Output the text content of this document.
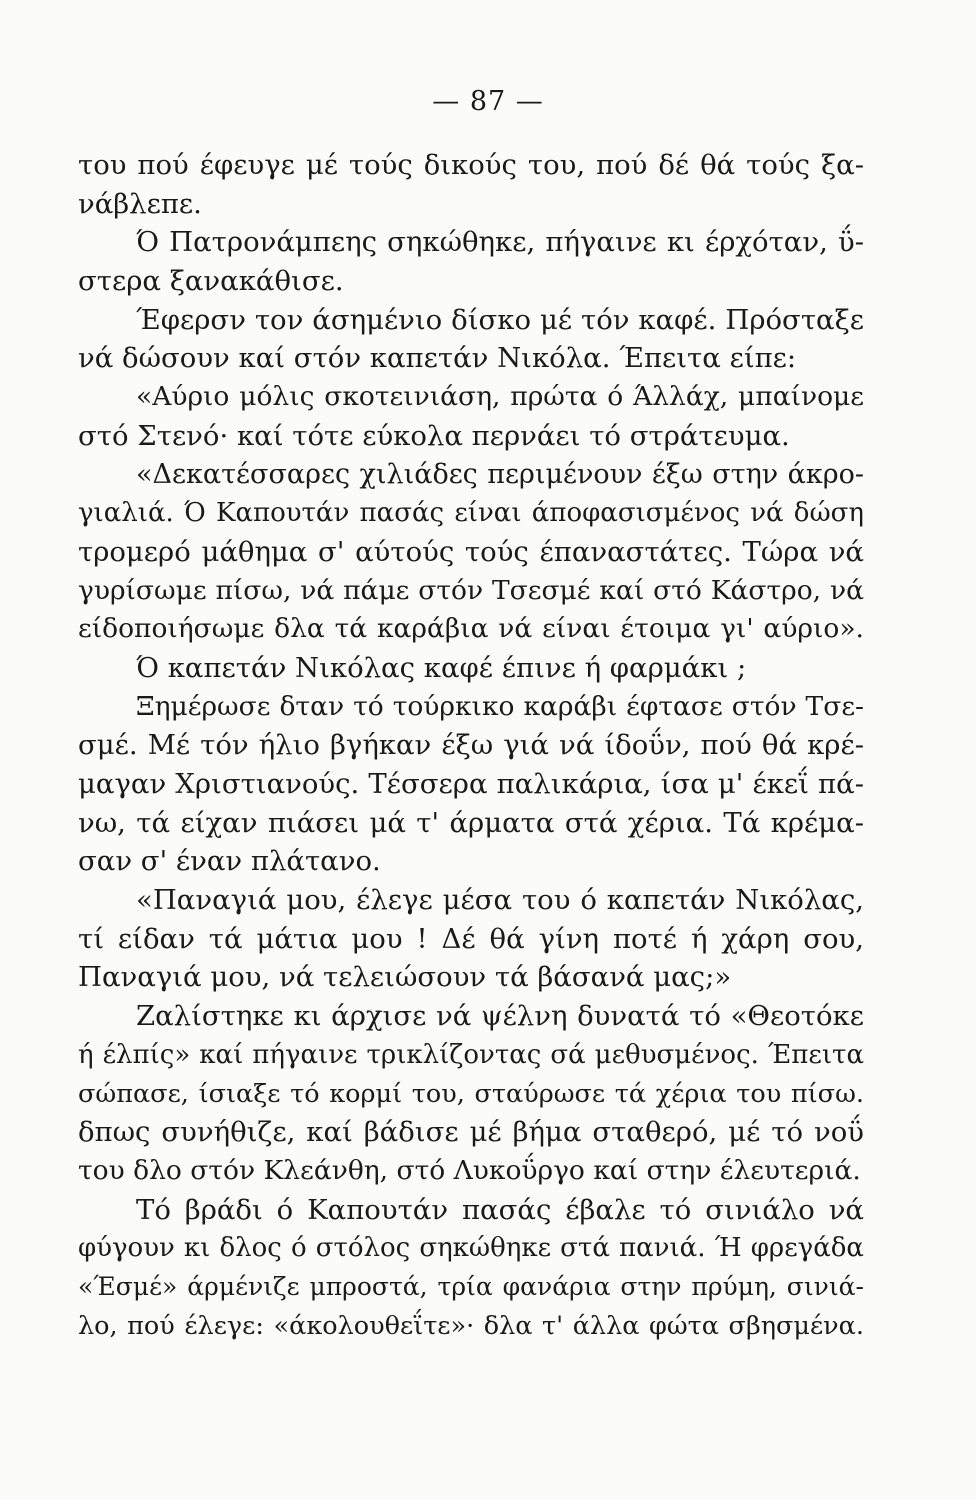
— 87 —
του πού έφευγε μέ τούς δικούς του, πού δέ θά τούς ξα-
νάβλεπε.
Ό Πατρονάμπεης σηκώθηκε, πήγαινε κι έρχόταν, ΰ-
στερα ξανακάθισε.
Έφερσν τον άσημένιο δίσκο μέ τόν καφέ. Πρόσταξε
νά δώσουν καί στόν καπετάν Νικόλα. Έπειτα είπε:
«Αύριο μόλις σκοτεινιάση, πρώτα ό Άλλάχ, μπαίνομε
στό Στενό· καί τότε εύκολα περνάει τό στράτευμα.
«Δεκατέσσαρες χιλιάδες περιμένουν έξω στην άκρο-
γιαλιά. Ό Καπουτάν πασάς είναι άποφασισμένος νά δώση
τρομερό μάθημα σ' αύτούς τούς έπαναστάτες. Τώρα νά
γυρίσωμε πίσω, νά πάμε στόν Τσεσμέ καί στό Κάστρο, νά
είδοποιήσωμε δλα τά καράβια νά είναι έτοιμα γι' αύριο».
Ό καπετάν Νικόλας καφέ έπινε ή φαρμάκι ;
Ξημέρωσε δταν τό τούρκικο καράβι έφτασε στόν Τσε-
σμέ. Μέ τόν ήλιο βγήκαν έξω γιά νά ίδοΰν, πού θά κρέ-
μαγαν Χριστιανούς. Τέσσερα παλικάρια, ίσα μ' έκεΐ πά-
νω, τά είχαν πιάσει μά τ' άρματα στά χέρια. Τά κρέμα-
σαν σ' έναν πλάτανο.
«Παναγιά μου, έλεγε μέσα του ό καπετάν Νικόλας,
τί είδαν τά μάτια μου ! Δέ θά γίνη ποτέ ή χάρη σου,
Παναγιά μου, νά τελειώσουν τά βάσανά μας;»
Ζαλίστηκε κι άρχισε νά ψέλνη δυνατά τό «Θεοτόκε
ή έλπίς» καί πήγαινε τρικλίζοντας σά μεθυσμένος. Έπειτα
σώπασε, ίσιαξε τό κορμί του, σταύρωσε τά χέρια του πίσω.
δπως συνήθιζε, καί βάδισε μέ βήμα σταθερό, μέ τό νοΰ
του δλο στόν Κλεάνθη, στό Λυκοΰργο καί στην έλευτεριά.
Τό βράδι ό Καπουτάν πασάς έβαλε τό σινιάλο νά
φύγουν κι δλος ό στόλος σηκώθηκε στά πανιά. Ή φρεγάδα
«Έσμέ» άρμένιζε μπροστά, τρία φανάρια στην πρύμη, σινιά-
λο, πού έλεγε: «άκολουθεΐτε»· δλα τ' άλλα φώτα σβησμένα.
